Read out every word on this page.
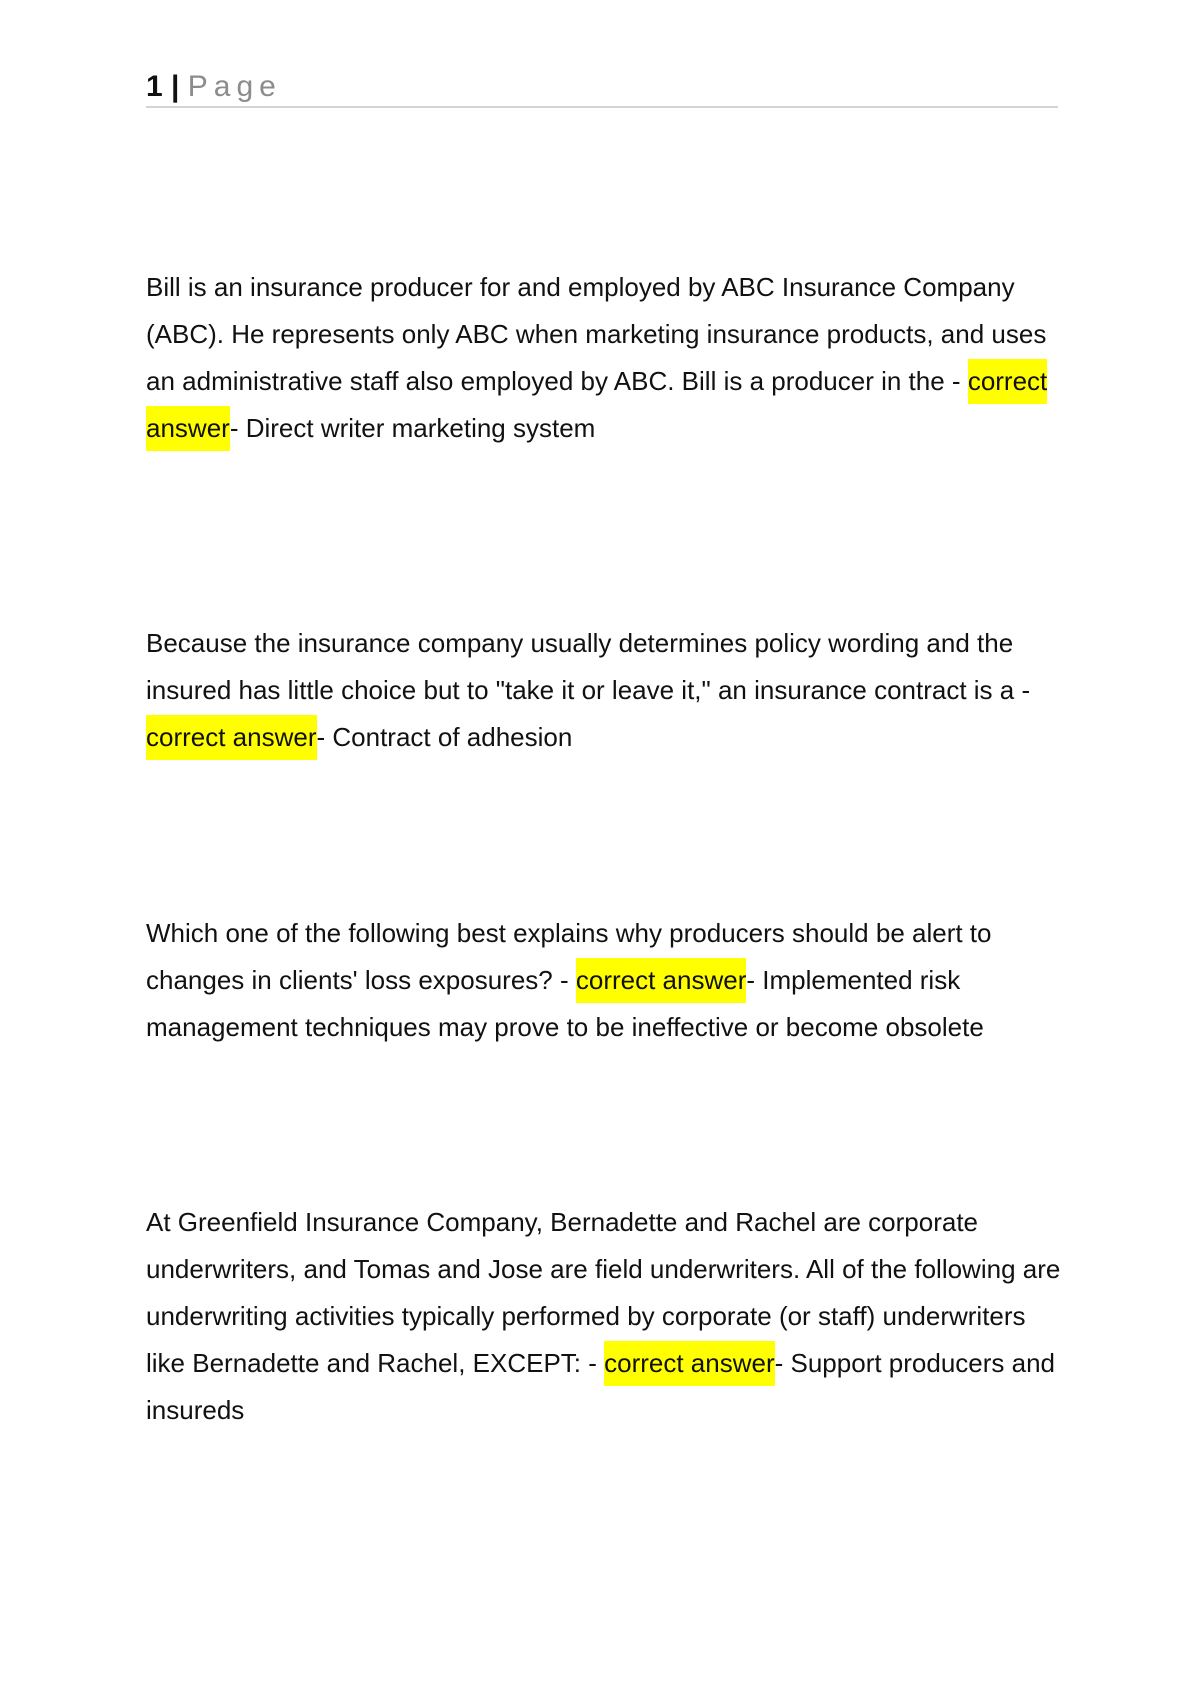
1 | Page
Bill is an insurance producer for and employed by ABC Insurance Company (ABC). He represents only ABC when marketing insurance products, and uses an administrative staff also employed by ABC. Bill is a producer in the - correct answer- Direct writer marketing system
Because the insurance company usually determines policy wording and the insured has little choice but to "take it or leave it," an insurance contract is a - correct answer- Contract of adhesion
Which one of the following best explains why producers should be alert to changes in clients' loss exposures? - correct answer- Implemented risk management techniques may prove to be ineffective or become obsolete
At Greenfield Insurance Company, Bernadette and Rachel are corporate underwriters, and Tomas and Jose are field underwriters. All of the following are underwriting activities typically performed by corporate (or staff) underwriters like Bernadette and Rachel, EXCEPT: - correct answer- Support producers and insureds
